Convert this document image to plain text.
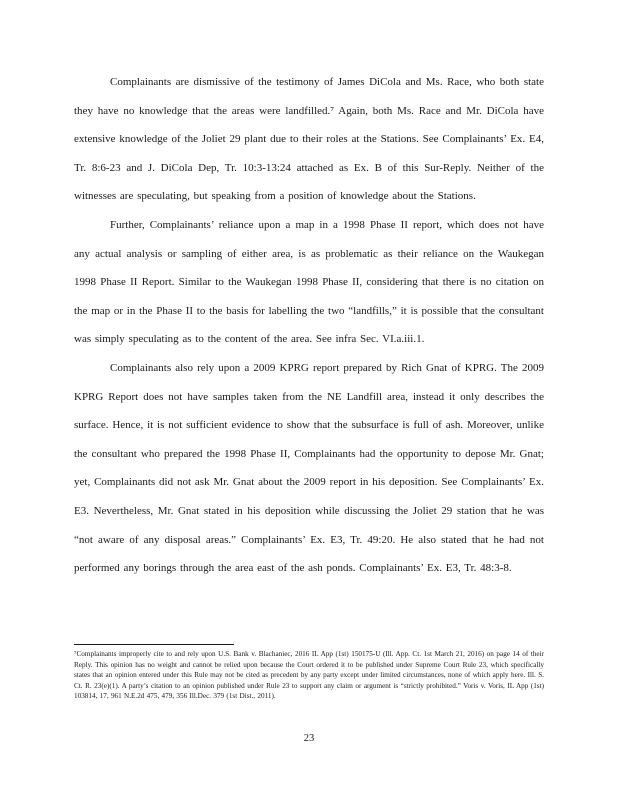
Complainants are dismissive of the testimony of James DiCola and Ms. Race, who both state they have no knowledge that the areas were landfilled.⁷ Again, both Ms. Race and Mr. DiCola have extensive knowledge of the Joliet 29 plant due to their roles at the Stations. See Complainants’ Ex. E4, Tr. 8:6-23 and J. DiCola Dep, Tr. 10:3-13:24 attached as Ex. B of this Sur-Reply. Neither of the witnesses are speculating, but speaking from a position of knowledge about the Stations.

Further, Complainants’ reliance upon a map in a 1998 Phase II report, which does not have any actual analysis or sampling of either area, is as problematic as their reliance on the Waukegan 1998 Phase II Report. Similar to the Waukegan 1998 Phase II, considering that there is no citation on the map or in the Phase II to the basis for labelling the two “landfills,” it is possible that the consultant was simply speculating as to the content of the area. See infra Sec. VI.a.iii.1.

Complainants also rely upon a 2009 KPRG report prepared by Rich Gnat of KPRG. The 2009 KPRG Report does not have samples taken from the NE Landfill area, instead it only describes the surface. Hence, it is not sufficient evidence to show that the subsurface is full of ash. Moreover, unlike the consultant who prepared the 1998 Phase II, Complainants had the opportunity to depose Mr. Gnat; yet, Complainants did not ask Mr. Gnat about the 2009 report in his deposition. See Complainants’ Ex. E3. Nevertheless, Mr. Gnat stated in his deposition while discussing the Joliet 29 station that he was “not aware of any disposal areas.” Complainants’ Ex. E3, Tr. 49:20. He also stated that he had not performed any borings through the area east of the ash ponds. Complainants’ Ex. E3, Tr. 48:3-8.

⁷Complainants improperly cite to and rely upon U.S. Bank v. Blachaniec, 2016 IL App (1st) 150175-U (Ill. App. Ct. 1st March 21, 2016) on page 14 of their Reply. This opinion has no weight and cannot be relied upon because the Court ordered it to be published under Supreme Court Rule 23, which specifically states that an opinion entered under this Rule may not be cited as precedent by any party except under limited circumstances, none of which apply here. Ill. S. Ct. R. 23(e)(1). A party’s citation to an opinion published under Rule 23 to support any claim or argument is “strictly prohibited.” Voris v. Voris, IL App (1st) 103814, 17, 961 N.E.2d 475, 479, 356 Ill.Dec. 379 (1st Dist., 2011).

23
